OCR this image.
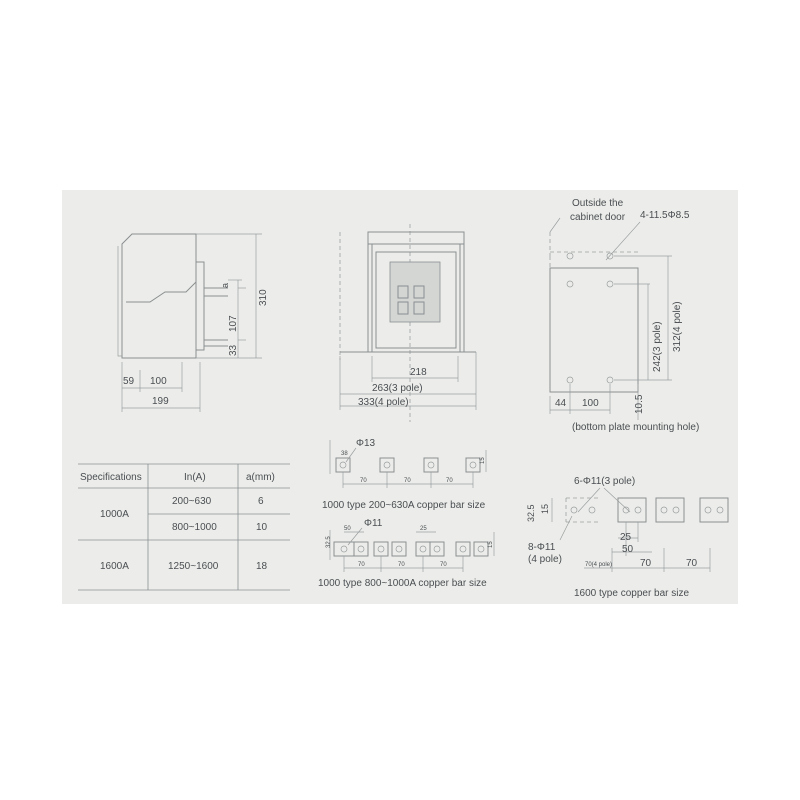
59 100
199
310
107
33
a
218
263(3 pole)
333(4 pole)
Outside the
cabinet door 4-11.5Φ8.5
242(3 pole) 312(4 pole)
44 100	10.5
(bottom plate mounting hole)
Specifications	In(A)	a(mm)
1000A
200~630	6
800~1000	10
1600A	1250~1600	18
Φ13
38
15
70	70	70
1000 type 200~630A copper bar size
Φ11
50
32.5
25
15
70	70	70
1000 type 800~1000A copper bar size
6-Φ11(3 pole)
8-Φ11
(4 pole)
32.5 15
25
50
70(4 pole)	70	70
1600 type copper bar size
